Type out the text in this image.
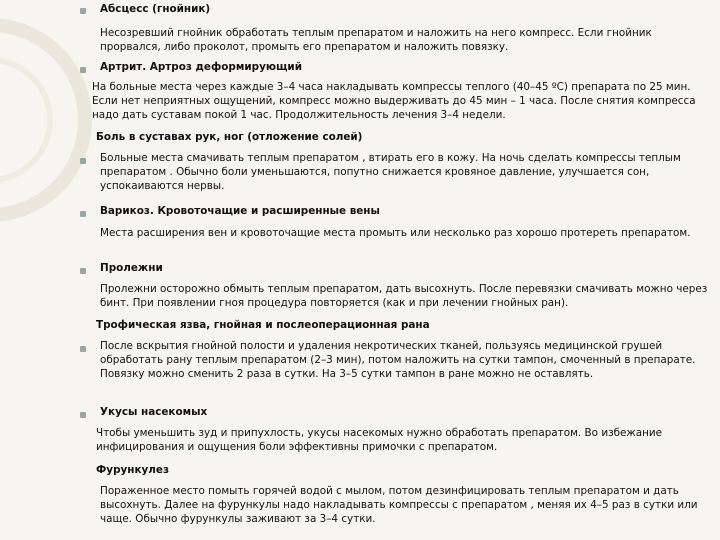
Абсцесс (гнойник)

Несозревший гнойник обработать теплым препаратом и наложить на него компресс. Если гнойник прорвался, либо проколот, промыть его препаратом и наложить повязку.

Артрит. Артроз деформирующий

На больные места через каждые 3–4 часа накладывать компрессы теплого (40–45 ºС) препарата по 25 мин. Если нет неприятных ощущений, компресс можно выдерживать до 45 мин – 1 часа. После снятия компресса надо дать суставам покой 1 час. Продолжительность лечения 3–4 недели.

Боль в суставах рук, ног (отложение солей)

Больные места смачивать теплым препаратом , втирать его в кожу. На ночь сделать компрессы теплым препаратом . Обычно боли уменьшаются, попутно снижается кровяное давление, улучшается сон, успокаиваются нервы.

Варикоз. Кровоточащие и расширенные вены

Места расширения вен и кровоточащие места промыть или несколько раз хорошо протереть препаратом.

Пролежни

Пролежни осторожно обмыть теплым препаратом, дать высохнуть. После перевязки смачивать можно через бинт. При появлении гноя процедура повторяется (как и при лечении гнойных ран).

Трофическая язва, гнойная и послеоперационная рана

После вскрытия гнойной полости и удаления некротических тканей, пользуясь медицинской грушей обработать рану теплым препаратом (2–3 мин), потом наложить на сутки тампон, смоченный в препарате. Повязку можно сменить 2 раза в сутки. На 3–5 сутки тампон в ране можно не оставлять.

Укусы насекомых

Чтобы уменьшить зуд и припухлость, укусы насекомых нужно обработать препаратом. Во избежание инфицирования и ощущения боли эффективны примочки с препаратом.

Фурункулез

Пораженное место помыть горячей водой с мылом, потом дезинфицировать теплым препаратом и дать высохнуть. Далее на фурункулы надо накладывать компрессы с препаратом , меняя их 4–5 раз в сутки или чаще. Обычно фурункулы заживают за 3–4 сутки.
